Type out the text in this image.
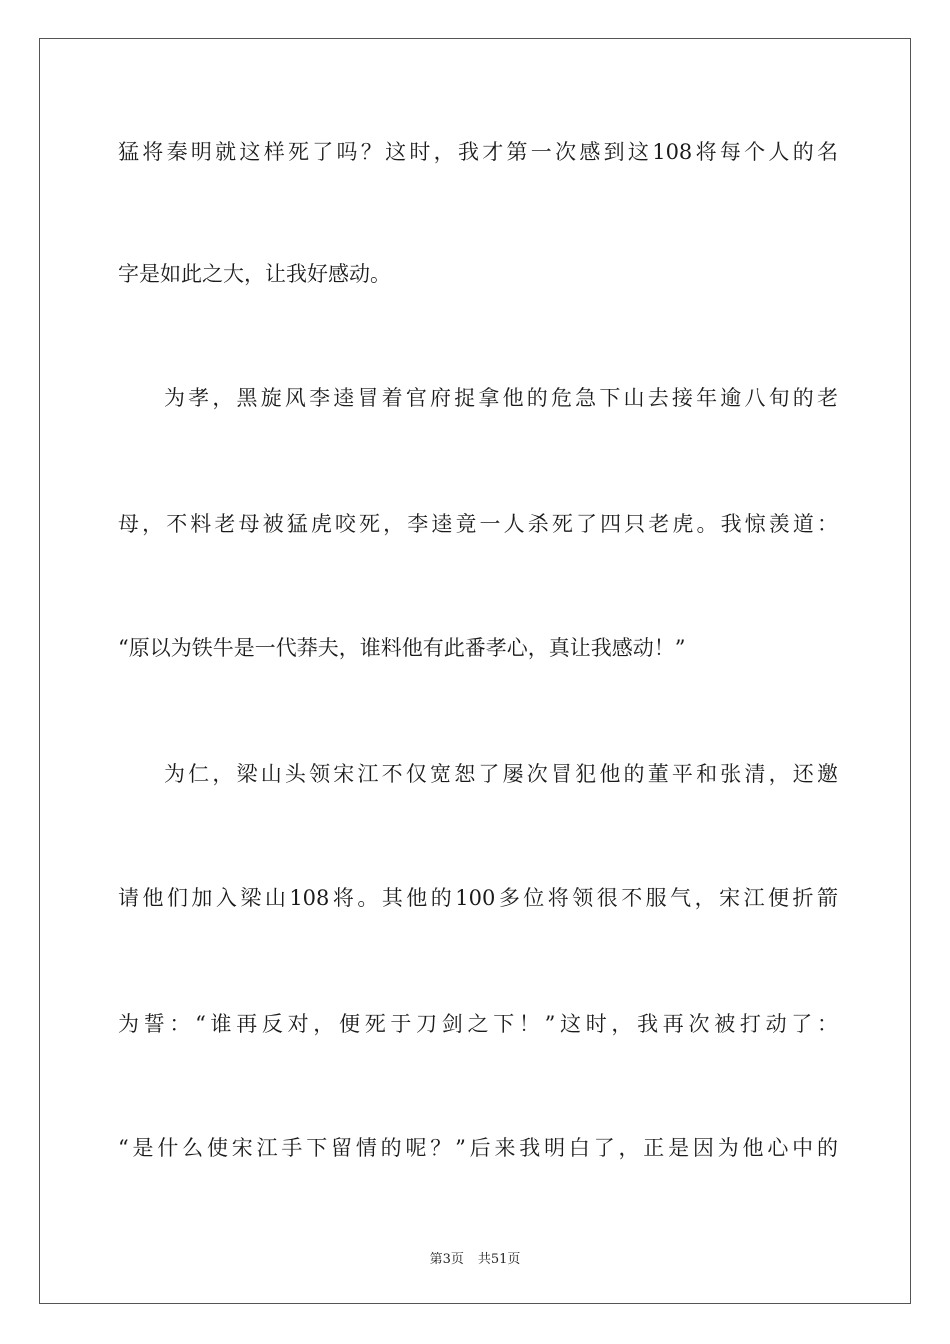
猛将秦明就这样死了吗？这时，我才第一次感到这108将每个人的名
字是如此之大，让我好感动。
为孝，黑旋风李逵冒着官府捉拿他的危急下山去接年逾八旬的老
母，不料老母被猛虎咬死，李逵竟一人杀死了四只老虎。我惊羡道：
“原以为铁牛是一代莽夫，谁料他有此番孝心，真让我感动！”
为仁，梁山头领宋江不仅宽恕了屡次冒犯他的董平和张清，还邀
请他们加入梁山108将。其他的100多位将领很不服气，宋江便折箭
为誓：“谁再反对，便死于刀剑之下！”这时，我再次被打动了：
“是什么使宋江手下留情的呢？”后来我明白了，正是因为他心中的
第3页 共51页
